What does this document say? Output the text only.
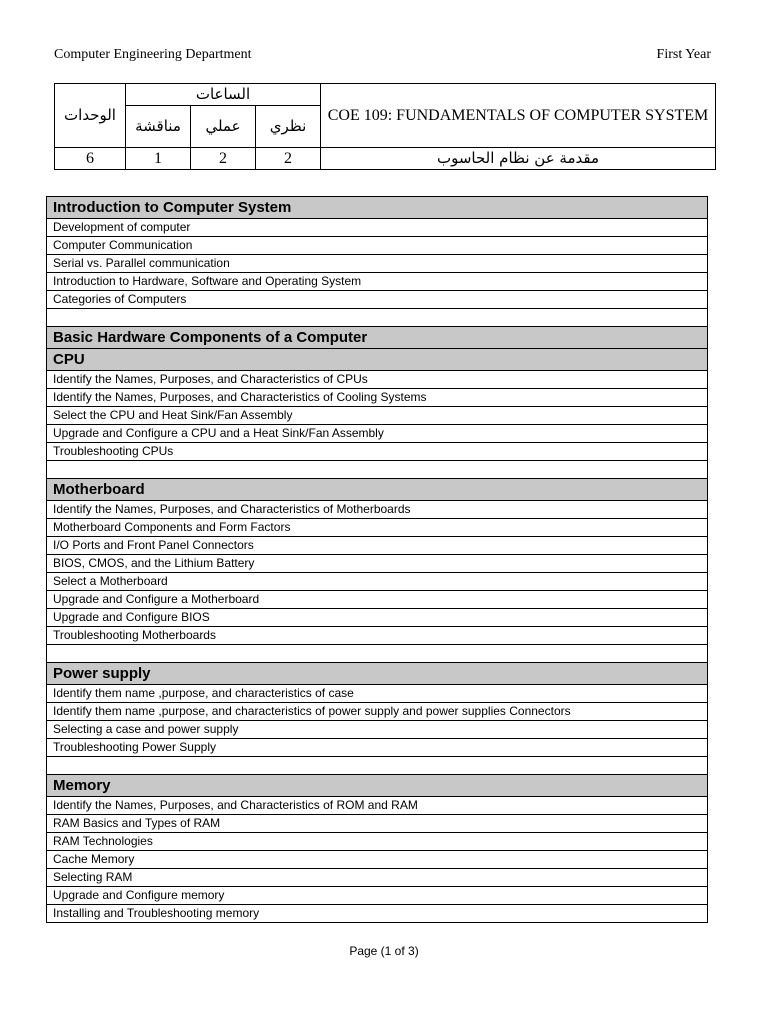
Computer Engineering Department	First Year
الوحدات	الساعات			COE 109: FUNDAMENTALS OF COMPUTER SYSTEM
	مناقشة	عملي	نظري	
6	1	2	2	مقدمة عن نظام الحاسوب
Introduction to Computer System
Development of computer
Computer Communication
Serial vs. Parallel communication
Introduction to Hardware, Software and Operating System
Categories of Computers

Basic Hardware Components of a Computer
CPU
Identify the Names, Purposes, and Characteristics of CPUs
Identify the Names, Purposes, and Characteristics of Cooling Systems
Select the CPU and Heat Sink/Fan Assembly
Upgrade and Configure a CPU and a Heat Sink/Fan Assembly
Troubleshooting CPUs

Motherboard
Identify the Names, Purposes, and Characteristics of Motherboards
Motherboard Components and Form Factors
I/O Ports and Front Panel Connectors
BIOS, CMOS, and the Lithium Battery
Select a Motherboard
Upgrade and Configure a Motherboard
Upgrade and Configure BIOS
Troubleshooting Motherboards

Power supply
Identify them name ,purpose, and characteristics of case
Identify them name ,purpose, and characteristics of power supply and power supplies Connectors
Selecting a case and power supply
Troubleshooting Power Supply

Memory
Identify the Names, Purposes, and Characteristics of ROM and RAM
RAM Basics and Types of RAM
RAM Technologies
Cache Memory
Selecting RAM
Upgrade and Configure memory
Installing and Troubleshooting memory
Page (1 of 3)
